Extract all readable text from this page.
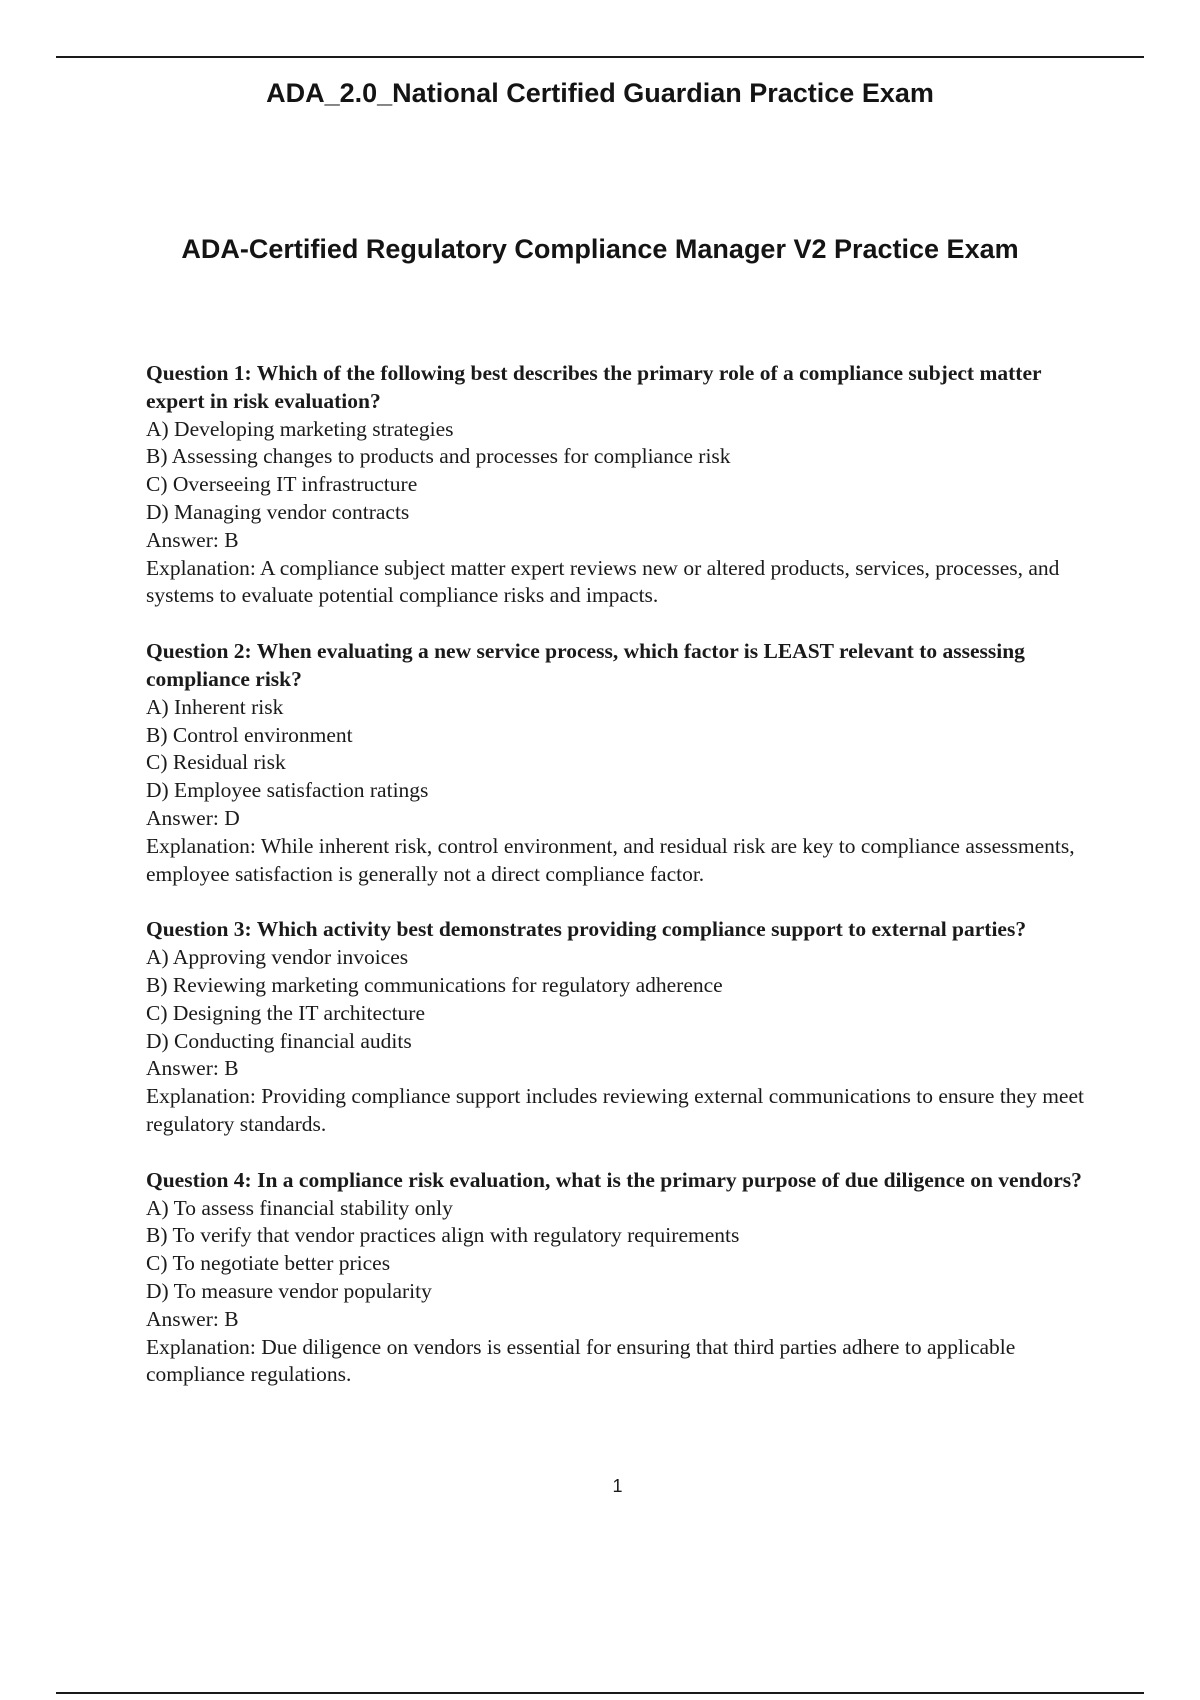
ADA_2.0_National Certified Guardian Practice Exam
ADA-Certified Regulatory Compliance Manager V2 Practice Exam

Question 1: Which of the following best describes the primary role of a compliance subject matter expert in risk evaluation?

A) Developing marketing strategies

B) Assessing changes to products and processes for compliance risk

C) Overseeing IT infrastructure

D) Managing vendor contracts

Answer: B

Explanation: A compliance subject matter expert reviews new or altered products, services, processes, and systems to evaluate potential compliance risks and impacts.

Question 2: When evaluating a new service process, which factor is LEAST relevant to assessing compliance risk?

A) Inherent risk

B) Control environment

C) Residual risk

D) Employee satisfaction ratings

Answer: D

Explanation: While inherent risk, control environment, and residual risk are key to compliance assessments, employee satisfaction is generally not a direct compliance factor.

Question 3: Which activity best demonstrates providing compliance support to external parties?

A) Approving vendor invoices

B) Reviewing marketing communications for regulatory adherence

C) Designing the IT architecture

D) Conducting financial audits

Answer: B

Explanation: Providing compliance support includes reviewing external communications to ensure they meet regulatory standards.

Question 4: In a compliance risk evaluation, what is the primary purpose of due diligence on vendors?

A) To assess financial stability only

B) To verify that vendor practices align with regulatory requirements

C) To negotiate better prices

D) To measure vendor popularity

Answer: B

Explanation: Due diligence on vendors is essential for ensuring that third parties adhere to applicable compliance regulations.

1
